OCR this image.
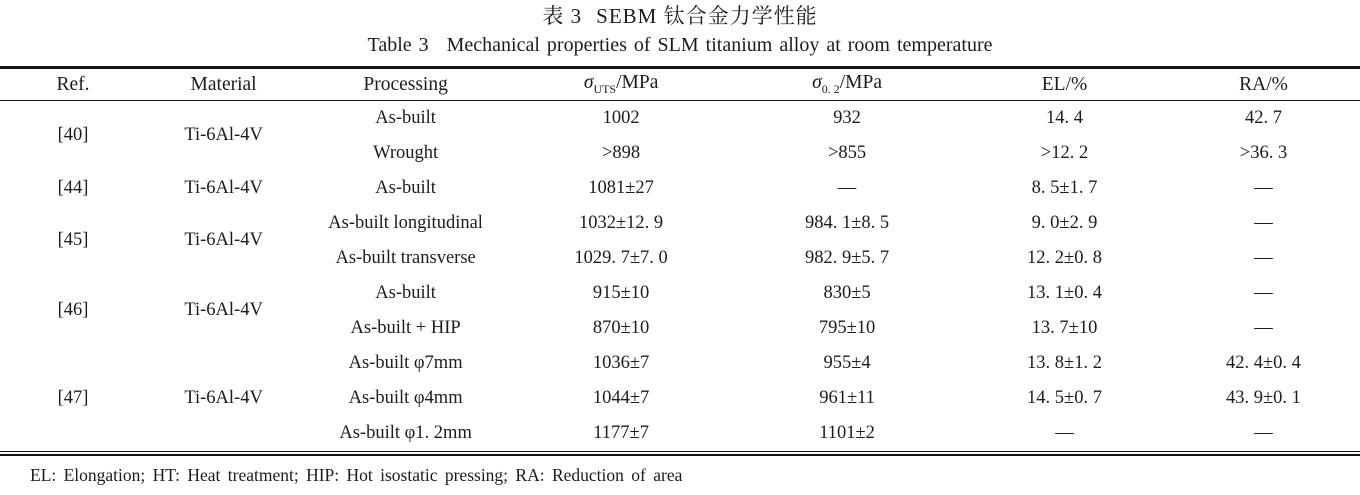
表 3 SEBM 钛合金力学性能
Table 3 Mechanical properties of SLM titanium alloy at room temperature
Ref.	Material	Processing	$\sigma_{UTS}$/MPa	$\sigma_{0. 2}$/MPa	EL/%	RA/%
[40]	Ti-6Al-4V	As-built	1002	932	14. 4	42. 7
		Wrought	>898	>855	>12. 2	>36. 3
[44]	Ti-6Al-4V	As-built	1081±27	—	8. 5±1. 7	—
[45]	Ti-6Al-4V	As-built longitudinal	1032±12. 9	984. 1±8. 5	9. 0±2. 9	—
		As-built transverse	1029. 7±7. 0	982. 9±5. 7	12. 2±0. 8	—
[46]	Ti-6Al-4V	As-built	915±10	830±5	13. 1±0. 4	—
		As-built + HIP	870±10	795±10	13. 7±10	—
[47]	Ti-6Al-4V	As-built φ7mm	1036±7	955±4	13. 8±1. 2	42. 4±0. 4
		As-built φ4mm	1044±7	961±11	14. 5±0. 7	43. 9±0. 1
		As-built φ1. 2mm	1177±7	1101±2	—	—
EL: Elongation; HT: Heat treatment; HIP: Hot isostatic pressing; RA: Reduction of area
